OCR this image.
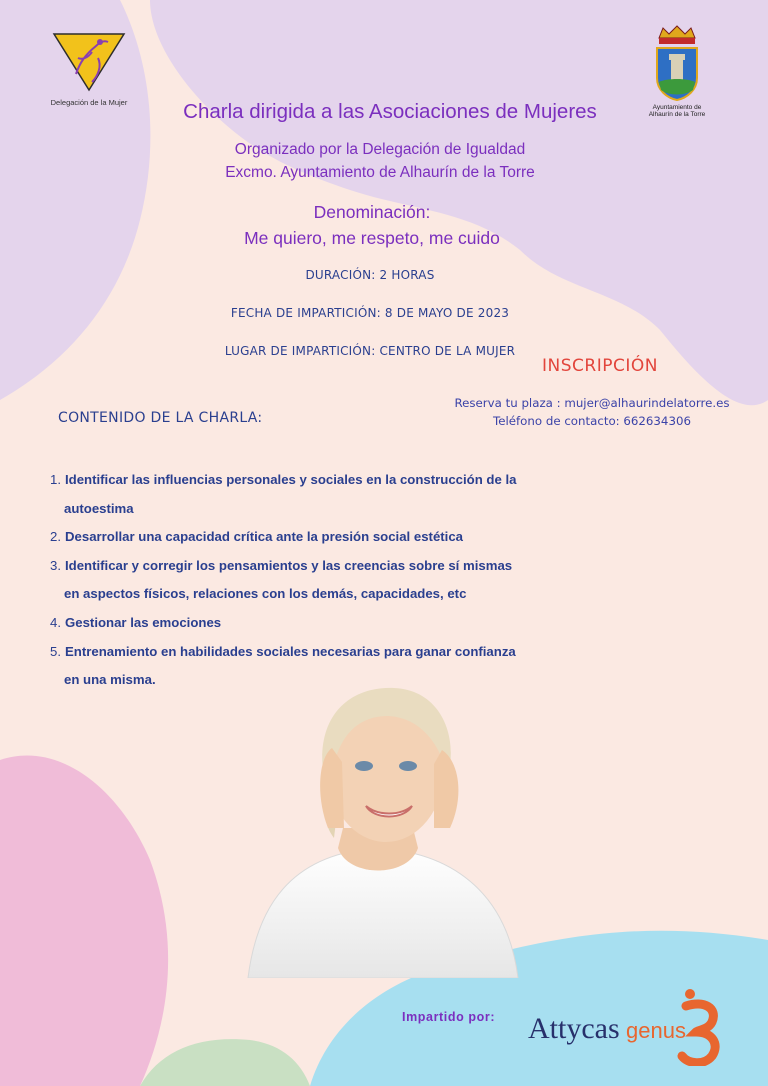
Delegación de la Mujer
Ayuntamiento de
Alhaurín de la Torre
Charla dirigida a las Asociaciones de Mujeres
Organizado por la Delegación de Igualdad
Excmo. Ayuntamiento de Alhaurín de la Torre
Denominación:
Me quiero, me respeto, me cuido
DURACIÓN: 2 HORAS
FECHA DE IMPARTICIÓN: 8 DE MAYO DE 2023
LUGAR DE IMPARTICIÓN: CENTRO DE LA MUJER
INSCRIPCIÓN
Reserva tu plaza : mujer@alhaurindelatorre.es
Teléfono de contacto: 662634306
CONTENIDO DE LA CHARLA:
1. Identificar las influencias personales y sociales en la construcción de la
autoestima
2. Desarrollar una capacidad crítica ante la presión social estética
3. Identificar y corregir los pensamientos y las creencias sobre sí mismas
en aspectos físicos, relaciones con los demás, capacidades, etc
4. Gestionar las emociones
5. Entrenamiento en habilidades sociales necesarias para ganar confianza
en una misma.
Impartido por: Attycas genus
